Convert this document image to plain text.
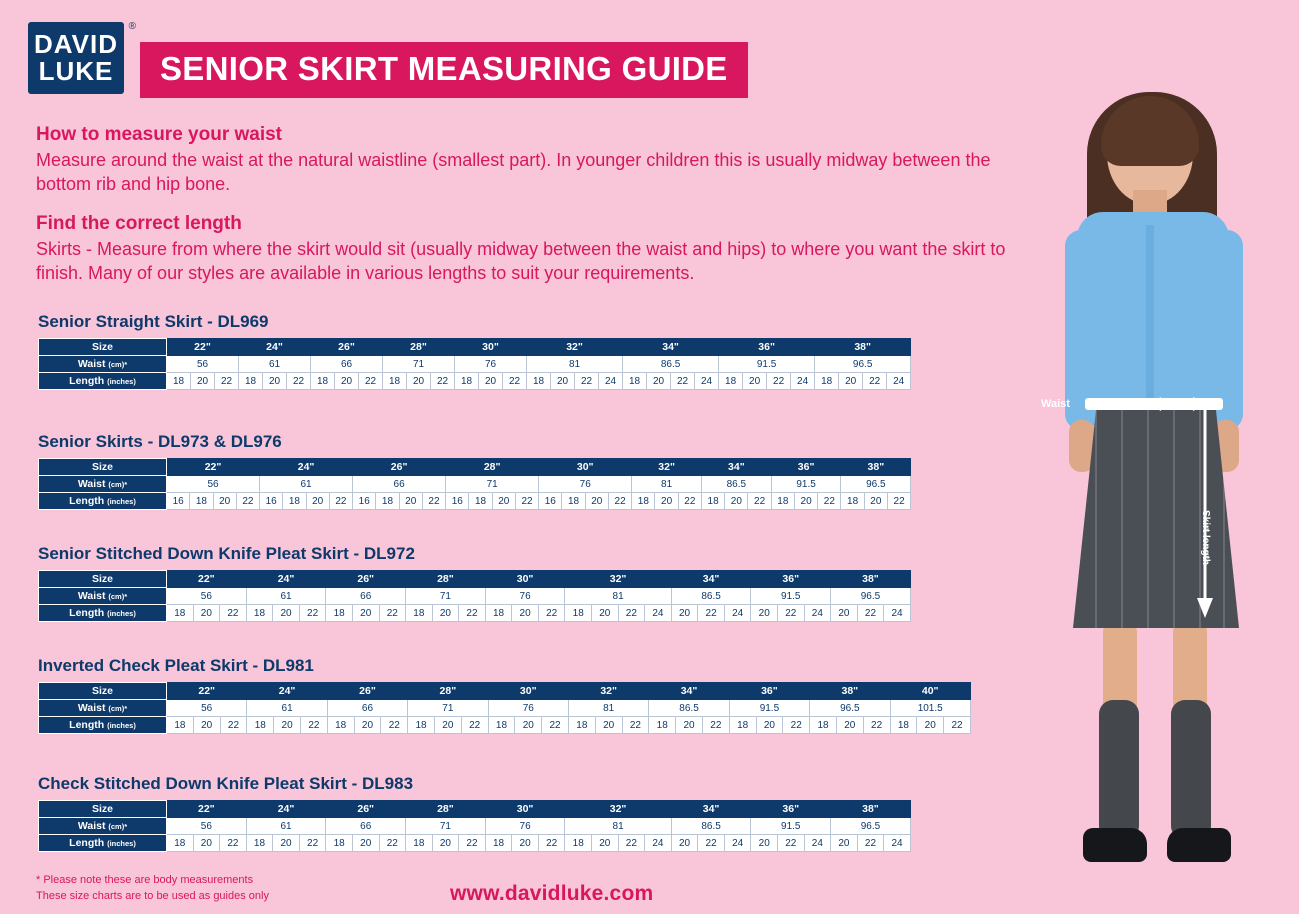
DAVID
LUKE
®
SENIOR SKIRT MEASURING GUIDE
How to measure your waist

Measure around the waist at the natural waistline (smallest part). In younger children this is usually midway between the bottom rib and hip bone.

Find the correct length

Skirts - Measure from where the skirt would sit (usually midway between the waist and hips) to where you want the skirt to finish. Many of our styles are available in various lengths to suit your requirements.

Senior Straight Skirt - DL969
Size	22"			24"			26"			28"			30"			32"				34"				36"				38"			
Waist (cm)*	56			61			66			71			76			81				86.5				91.5				96.5			
Length (inches)	18	20	22	18	20	22	18	20	22	18	20	22	18	20	22	18	20	22	24	18	20	22	24	18	20	22	24	18	20	22	24
Senior Skirts - DL973 & DL976
Size	22"				24"				26"				28"				30"				32"			34"			36"			38"		
Waist (cm)*	56				61				66				71				76				81			86.5			91.5			96.5		
Length (inches)	16	18	20	22	16	18	20	22	16	18	20	22	16	18	20	22	16	18	20	22	18	20	22	18	20	22	18	20	22	18	20	22
Senior Stitched Down Knife Pleat Skirt - DL972
Size	22"			24"			26"			28"			30"			32"				34"			36"			38"		
Waist (cm)*	56			61			66			71			76			81				86.5			91.5			96.5		
Length (inches)	18	20	22	18	20	22	18	20	22	18	20	22	18	20	22	18	20	22	24	20	22	24	20	22	24	20	22	24
Inverted Check Pleat Skirt - DL981
Size	22"			24"			26"			28"			30"			32"			34"			36"			38"			40"		
Waist (cm)*	56			61			66			71			76			81			86.5			91.5			96.5			101.5		
Length (inches)	18	20	22	18	20	22	18	20	22	18	20	22	18	20	22	18	20	22	18	20	22	18	20	22	18	20	22	18	20	22
Check Stitched Down Knife Pleat Skirt - DL983
Size	22"			24"			26"			28"			30"			32"				34"			36"			38"		
Waist (cm)*	56			61			66			71			76			81				86.5			91.5			96.5		
Length (inches)	18	20	22	18	20	22	18	20	22	18	20	22	18	20	22	18	20	22	24	20	22	24	20	22	24	20	22	24
* Please note these are body measurements
These size charts are to be used as guides only	www.davidluke.com
Waist
Skirt length
